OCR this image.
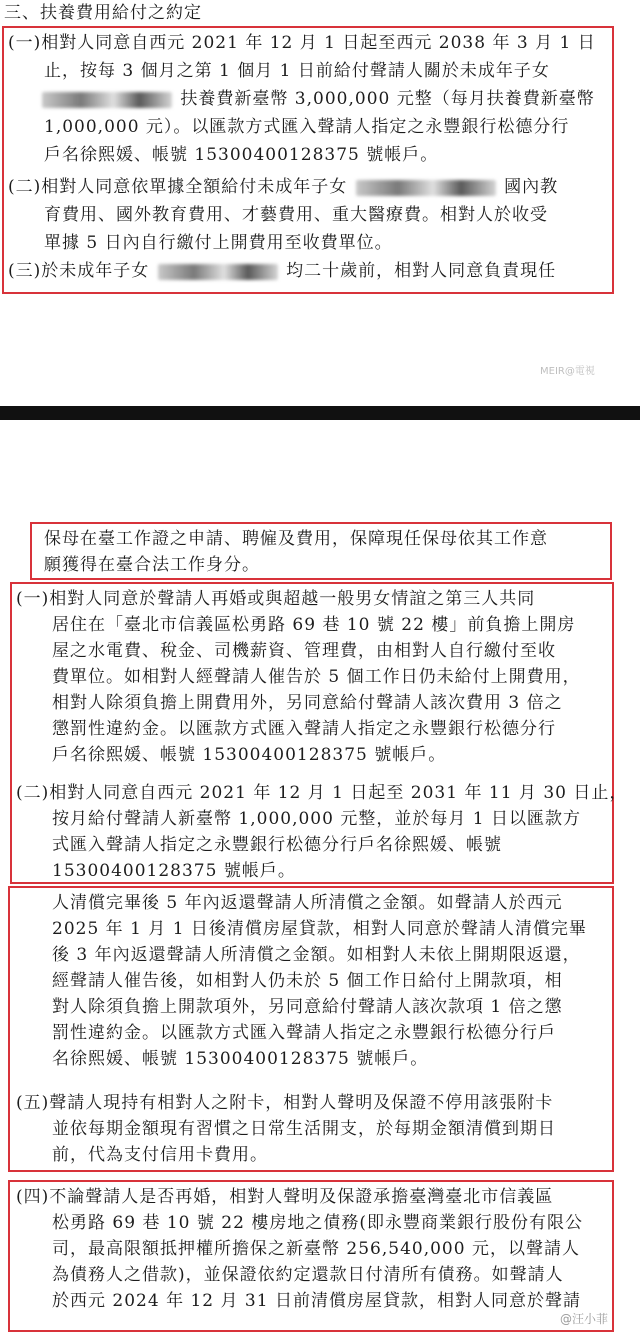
三、扶養費用給付之約定
(一)相對人同意自西元 2021 年 12 月 1 日起至西元 2038 年 3 月 1 日
止，按每 3 個月之第 1 個月 1 日前給付聲請人關於未成年子女
扶養費新臺幣 3,000,000 元整（每月扶養費新臺幣
1,000,000 元）。以匯款方式匯入聲請人指定之永豐銀行松德分行
戶名徐熙媛、帳號 15300400128375 號帳戶。
(二)相對人同意依單據全額給付未成年子女	國內教
育費用、國外教育費用、才藝費用、重大醫療費。相對人於收受
單據 5 日內自行繳付上開費用至收費單位。
(三)於未成年子女	均二十歲前，相對人同意負責現任
MEIR@電視
保母在臺工作證之申請、聘僱及費用，保障現任保母依其工作意
願獲得在臺合法工作身分。
(一)相對人同意於聲請人再婚或與超越一般男女情誼之第三人共同
居住在「臺北市信義區松勇路 69 巷 10 號 22 樓」前負擔上開房
屋之水電費、稅金、司機薪資、管理費，由相對人自行繳付至收
費單位。如相對人經聲請人催告於 5 個工作日仍未給付上開費用，
相對人除須負擔上開費用外，另同意給付聲請人該次費用 3 倍之
懲罰性違約金。以匯款方式匯入聲請人指定之永豐銀行松德分行
戶名徐熙媛、帳號 15300400128375 號帳戶。
(二)相對人同意自西元 2021 年 12 月 1 日起至 2031 年 11 月 30 日止，
按月給付聲請人新臺幣 1,000,000 元整，並於每月 1 日以匯款方
式匯入聲請人指定之永豐銀行松德分行戶名徐熙媛、帳號
15300400128375 號帳戶。
人清償完畢後 5 年內返還聲請人所清償之金額。如聲請人於西元
2025 年 1 月 1 日後清償房屋貸款，相對人同意於聲請人清償完畢
後 3 年內返還聲請人所清償之金額。如相對人未依上開期限返還，
經聲請人催告後，如相對人仍未於 5 個工作日給付上開款項，相
對人除須負擔上開款項外，另同意給付聲請人該次款項 1 倍之懲
罰性違約金。以匯款方式匯入聲請人指定之永豐銀行松德分行戶
名徐熙媛、帳號 15300400128375 號帳戶。
(五)聲請人現持有相對人之附卡，相對人聲明及保證不停用該張附卡
並依每期金額現有習慣之日常生活開支，於每期金額清償到期日
前，代為支付信用卡費用。
(四)不論聲請人是否再婚，相對人聲明及保證承擔臺灣臺北市信義區
松勇路 69 巷 10 號 22 樓房地之債務(即永豐商業銀行股份有限公
司，最高限額抵押權所擔保之新臺幣 256,540,000 元，以聲請人
為債務人之借款)，並保證依約定還款日付清所有債務。如聲請人
於西元 2024 年 12 月 31 日前清償房屋貸款，相對人同意於聲請
@汪小菲
